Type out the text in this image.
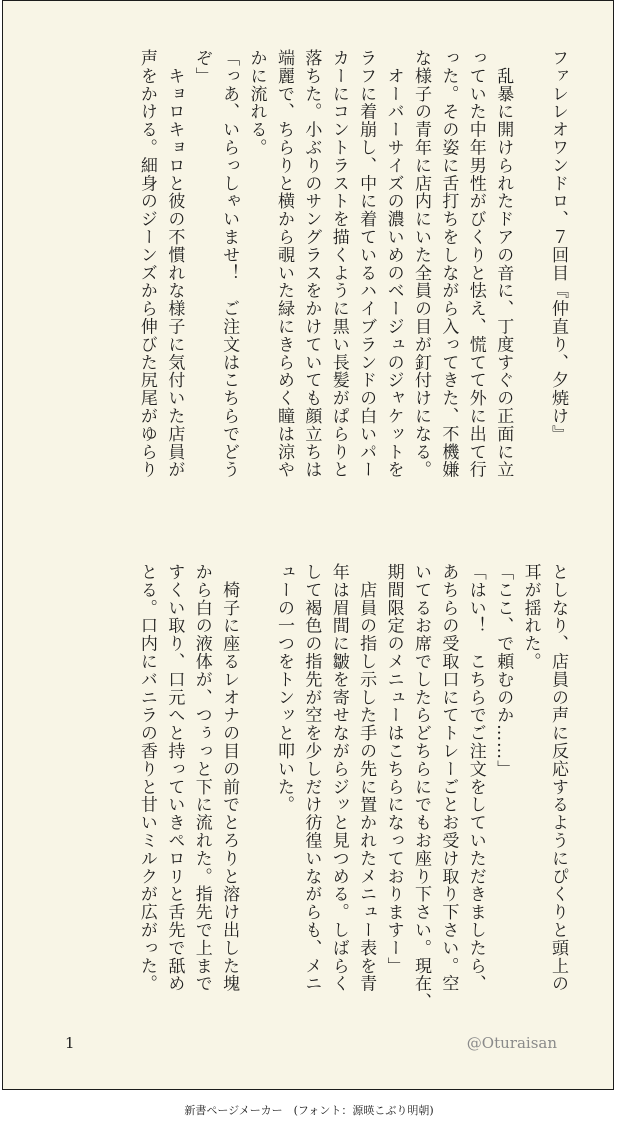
ファレレオワンドロ、７回目『仲直り、夕焼け』

　乱暴に開けられたドアの音に、丁度すぐの正面に立

っていた中年男性がびくりと怯え、慌てて外に出て行

った。その姿に舌打ちをしながら入ってきた、不機嫌

な様子の青年に店内にいた全員の目が釘付けになる。

　オーバーサイズの濃いめのベージュのジャケットを

ラフに着崩し、中に着ているハイブランドの白いパー

カーにコントラストを描くように黒い長髪がぱらりと

落ちた。小ぶりのサングラスをかけていても顔立ちは

端麗で、ちらりと横から覗いた緑にきらめく瞳は涼や

かに流れる。

「っあ、いらっしゃいませ！　ご注文はこちらでどう

ぞ」

　キョロキョロと彼の不慣れな様子に気付いた店員が

声をかける。細身のジーンズから伸びた尻尾がゆらり

としなり、店員の声に反応するようにぴくりと頭上の

耳が揺れた。

「ここ、で頼むのか……」

「はい！　こちらでご注文をしていただきましたら、

あちらの受取口にてトレーごとお受け取り下さい。空

いてるお席でしたらどちらにでもお座り下さい。現在、

期間限定のメニューはこちらになっておりますー」

　店員の指し示した手の先に置かれたメニュー表を青

年は眉間に皺を寄せながらジッと見つめる。しばらく

して褐色の指先が空を少しだけ彷徨いながらも、メニ

ューの一つをトンッと叩いた。

　椅子に座るレオナの目の前でとろりと溶け出した塊

から白の液体が、つぅっと下に流れた。指先で上まで

すくい取り、口元へと持っていきペロリと舌先で舐め

とる。口内にバニラの香りと甘いミルクが広がった。

1	@Oturaisan
新書ページメーカー　(フォント：源暎こぶり明朝)
